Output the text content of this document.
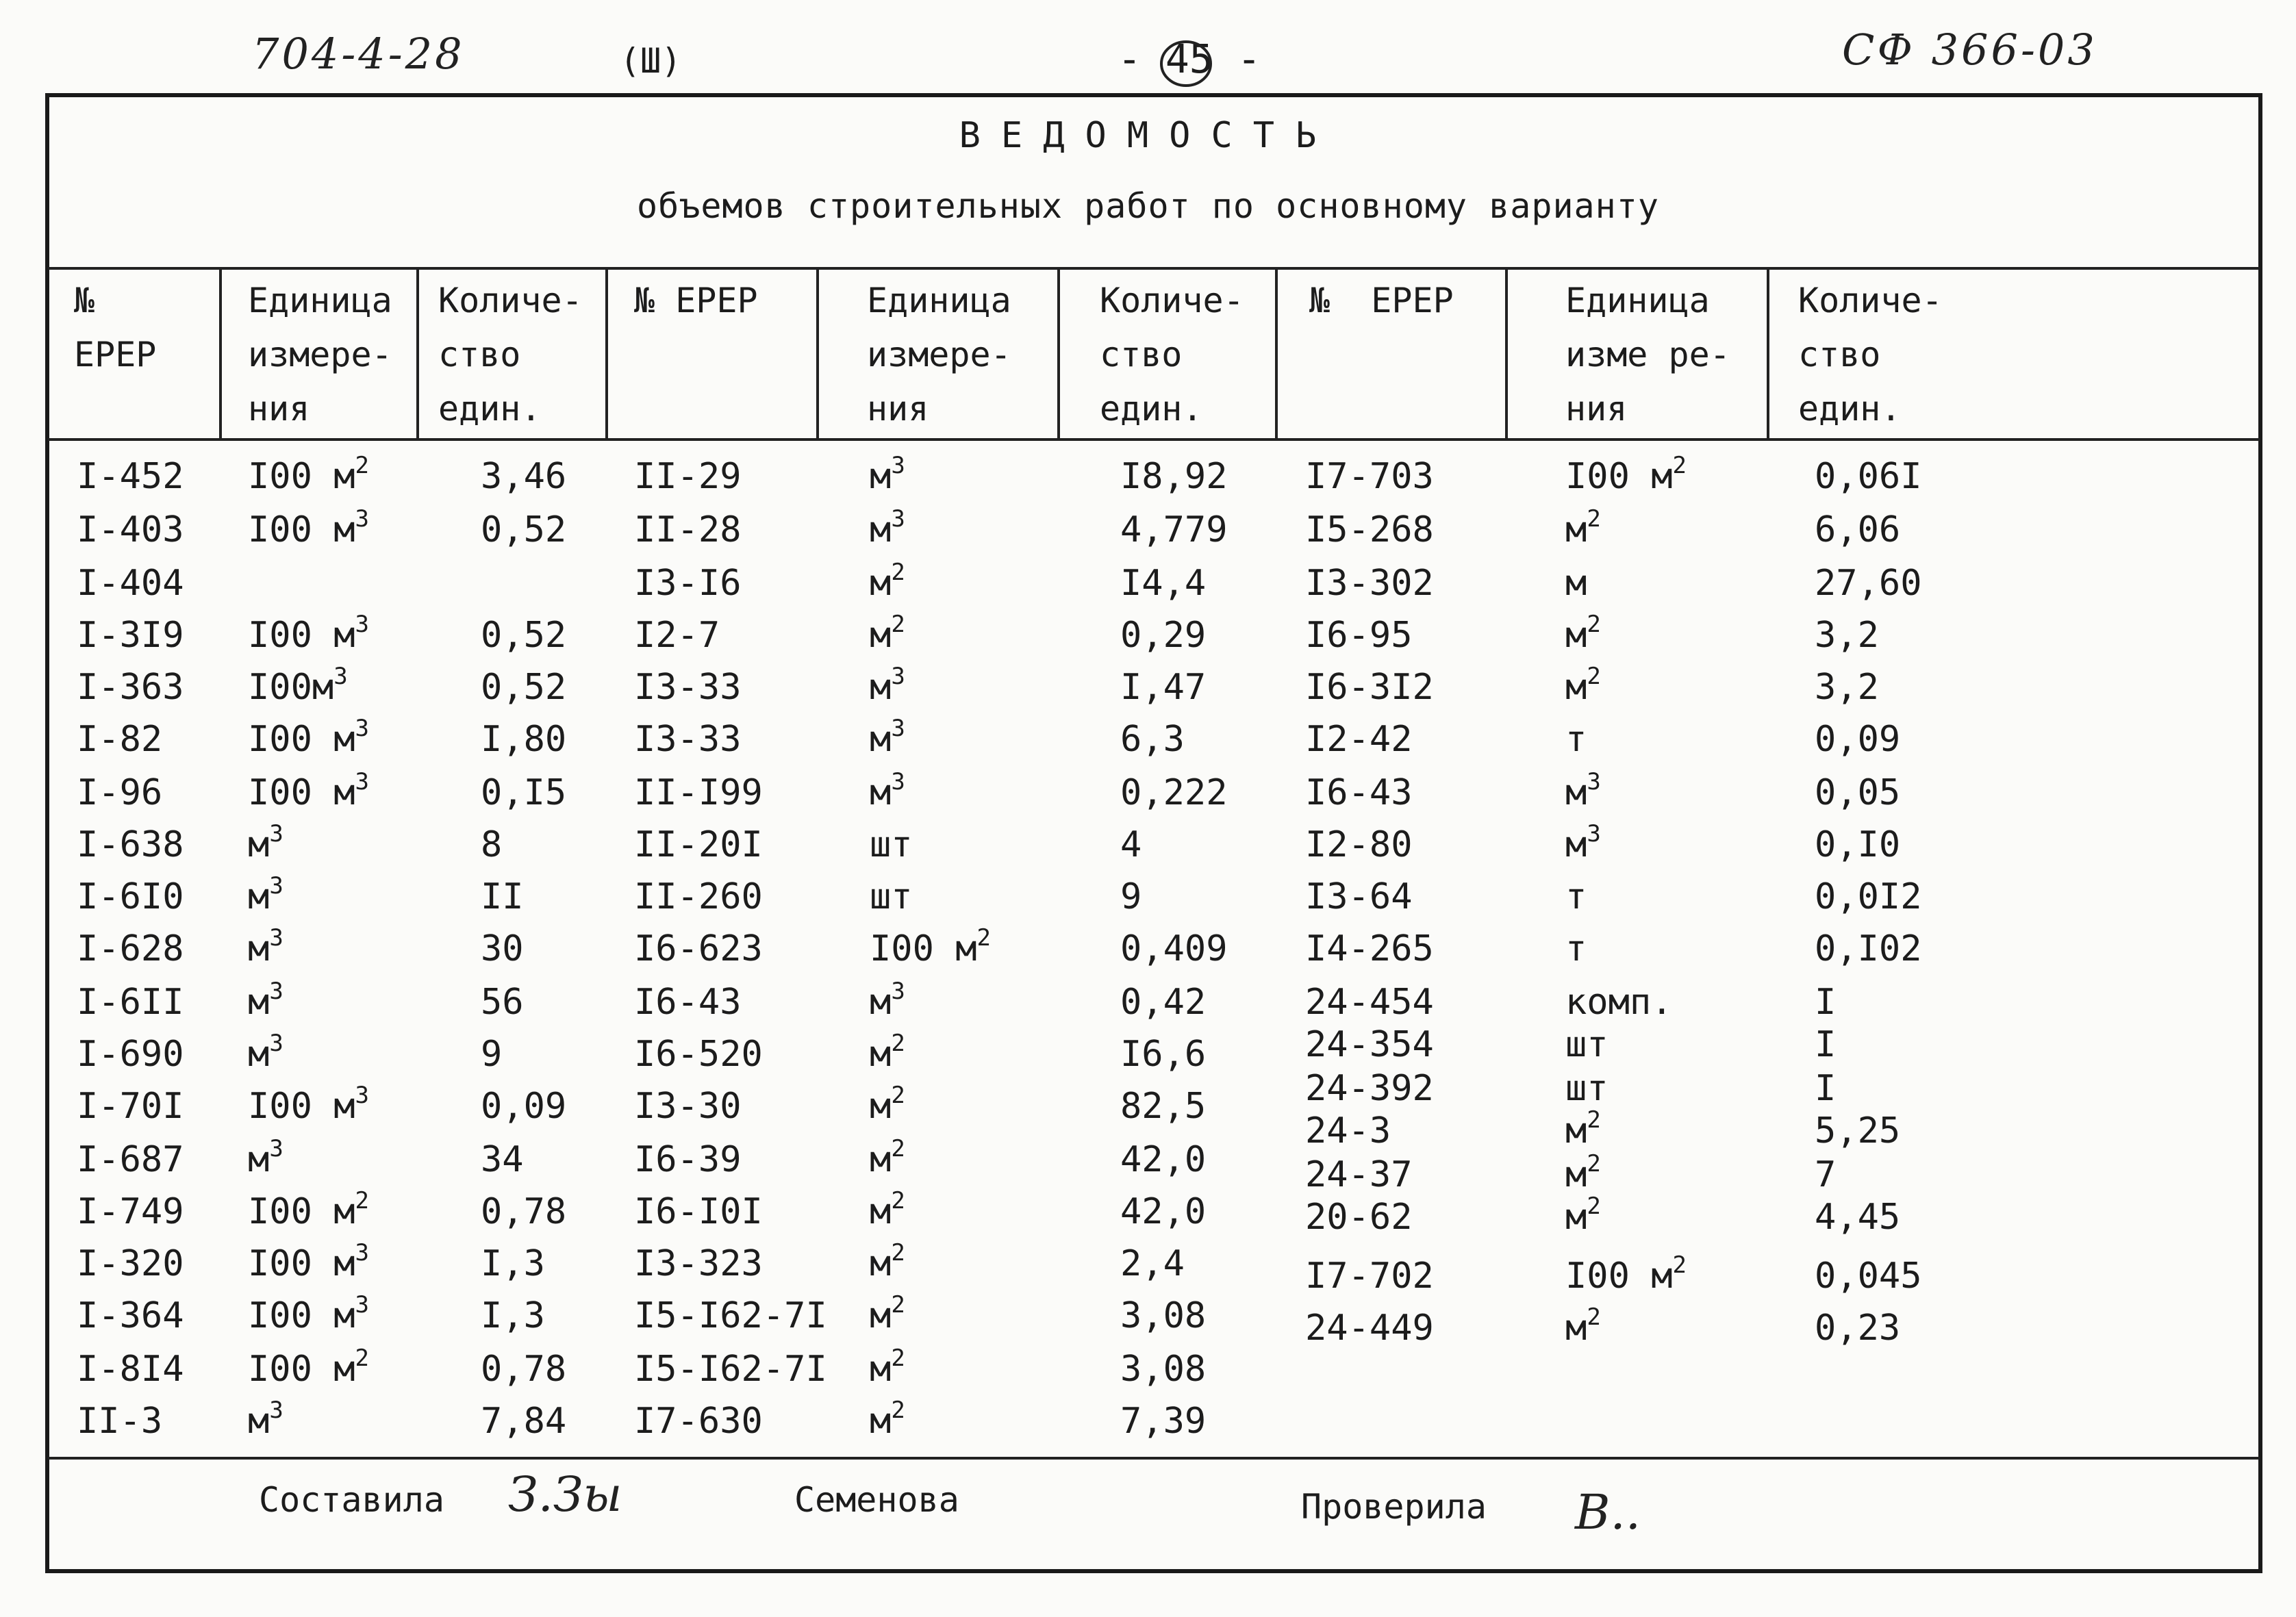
704-4-28	(Ш)	- 45 -	СФ 366-03
ВЕДОМОСТЬ
объемов строительных работ по основному варианту
№
ЕРЕР
Единица
измере-
ния
Количе-
ство
един.
№ ЕРЕР	Единица
измере-
ния
Количе-
ство
един.
№  ЕРЕР	Единица
изме ре-
ния
Количе-
ство
един.
I-452 I00 $м^2$	3,46
I-403 I00 $м^3$	0,52
I-404
I-3I9 I00 $м^3$	0,52
I-363 $I00м^3$	0,52
I-82 I00 $м^3$	I,80
I-96 I00 $м^3$	0,I5
I-638 $м^3$	8
I-6I0 $м^3$	II
I-628 $м^3$	30
I-6II $м^3$	56
I-690 $м^3$	9
I-70I I00 $м^3$	0,09
I-687 $м^3$	34
I-749 I00 $м^2$	0,78
I-320 I00 $м^3$	I,3
I-364 I00 $м^3$	I,3
I-8I4 I00 $м^2$	0,78
II-3 $м^3$	7,84
II-29	$м^3$	I8,92
II-28	$м^3$	4,779
I3-I6	$м^2$	I4,4
I2-7	$м^2$	0,29
I3-33	$м^3$	I,47
I3-33	$м^3$	6,3
II-I99	$м^3$	0,222
II-20I	шт	4
II-260	шт	9
I6-623	I00 $м^2$	0,409
I6-43	$м^3$	0,42
I6-520	$м^2$	I6,6
I3-30	$м^2$	82,5
I6-39	$м^2$	42,0
I6-I0I	$м^2$	42,0
I3-323	$м^2$	2,4
I5-I62-7I $м^2$	3,08
I5-I62-7I $м^2$	3,08
I7-630	$м^2$	7,39
I7-703	I00 $м^2$	0,06I
I5-268	$м^2$	6,06
I3-302	м	27,60
I6-95	$м^2$	3,2
I6-3I2	$м^2$	3,2
I2-42	т	0,09
I6-43	$м^3$	0,05
I2-80	$м^3$	0,I0
I3-64	т	0,0I2
I4-265	т	0,I02
24-454	комп.	I
24-354	шт	I
24-392	шт	I
24-3	$м^2$	5,25
24-37	$м^2$	7
20-62	$м^2$	4,45
I7-702	I00 $м^2$	0,045
24-449	$м^2$	0,23
Составила З.Зы	Семенова	Проверила В..
